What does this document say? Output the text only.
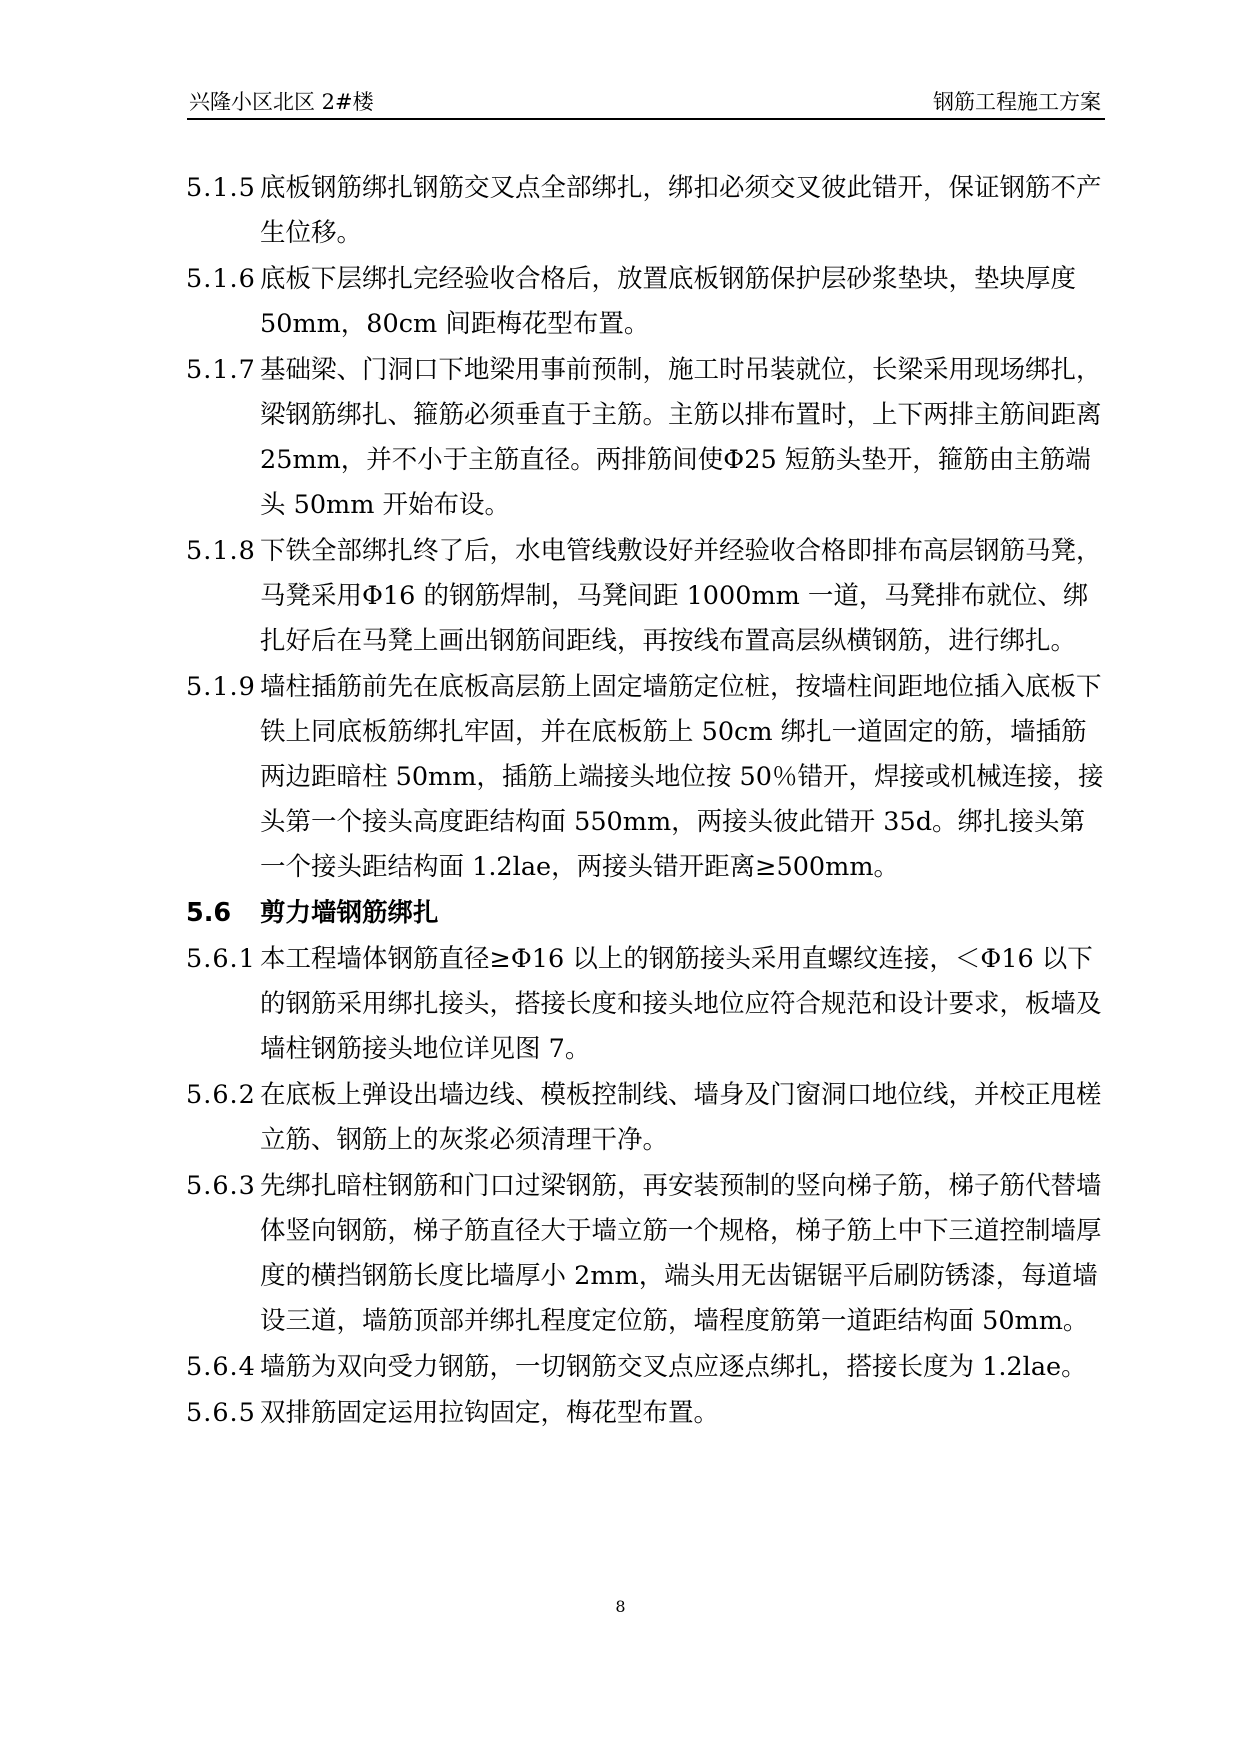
兴隆小区北区 2#楼	钢筋工程施工方案
5.1.5 底板钢筋绑扎钢筋交叉点全部绑扎，绑扣必须交叉彼此错开，保证钢筋不产生位移。
5.1.6 底板下层绑扎完经验收合格后，放置底板钢筋保护层砂浆垫块，垫块厚度 50mm，80cm 间距梅花型布置。
5.1.7 基础梁、门洞口下地梁用事前预制，施工时吊装就位，长梁采用现场绑扎，梁钢筋绑扎、箍筋必须垂直于主筋。主筋以排布置时，上下两排主筋间距离 25mm，并不小于主筋直径。两排筋间使Φ25 短筋头垫开，箍筋由主筋端头 50mm 开始布设。
5.1.8 下铁全部绑扎终了后，水电管线敷设好并经验收合格即排布高层钢筋马凳，马凳采用Φ16 的钢筋焊制，马凳间距 1000mm 一道，马凳排布就位、绑扎好后在马凳上画出钢筋间距线，再按线布置高层纵横钢筋，进行绑扎。
5.1.9 墙柱插筋前先在底板高层筋上固定墙筋定位桩，按墙柱间距地位插入底板下铁上同底板筋绑扎牢固，并在底板筋上 50cm 绑扎一道固定的筋，墙插筋两边距暗柱 50mm，插筋上端接头地位按 50％错开，焊接或机械连接，接头第一个接头高度距结构面 550mm，两接头彼此错开 35d。绑扎接头第一个接头距结构面 1.2lae，两接头错开距离≥500mm。
5.6 剪力墙钢筋绑扎
5.6.1 本工程墙体钢筋直径≥Φ16 以上的钢筋接头采用直螺纹连接，＜Φ16 以下的钢筋采用绑扎接头，搭接长度和接头地位应符合规范和设计要求，板墙及墙柱钢筋接头地位详见图 7。
5.6.2 在底板上弹设出墙边线、模板控制线、墙身及门窗洞口地位线，并校正甩槎立筋、钢筋上的灰浆必须清理干净。
5.6.3 先绑扎暗柱钢筋和门口过梁钢筋，再安装预制的竖向梯子筋，梯子筋代替墙体竖向钢筋，梯子筋直径大于墙立筋一个规格，梯子筋上中下三道控制墙厚度的横挡钢筋长度比墙厚小 2mm，端头用无齿锯锯平后刷防锈漆，每道墙设三道，墙筋顶部并绑扎程度定位筋，墙程度筋第一道距结构面 50mm。
5.6.4 墙筋为双向受力钢筋，一切钢筋交叉点应逐点绑扎，搭接长度为 1.2lae。
5.6.5 双排筋固定运用拉钩固定，梅花型布置。
8
